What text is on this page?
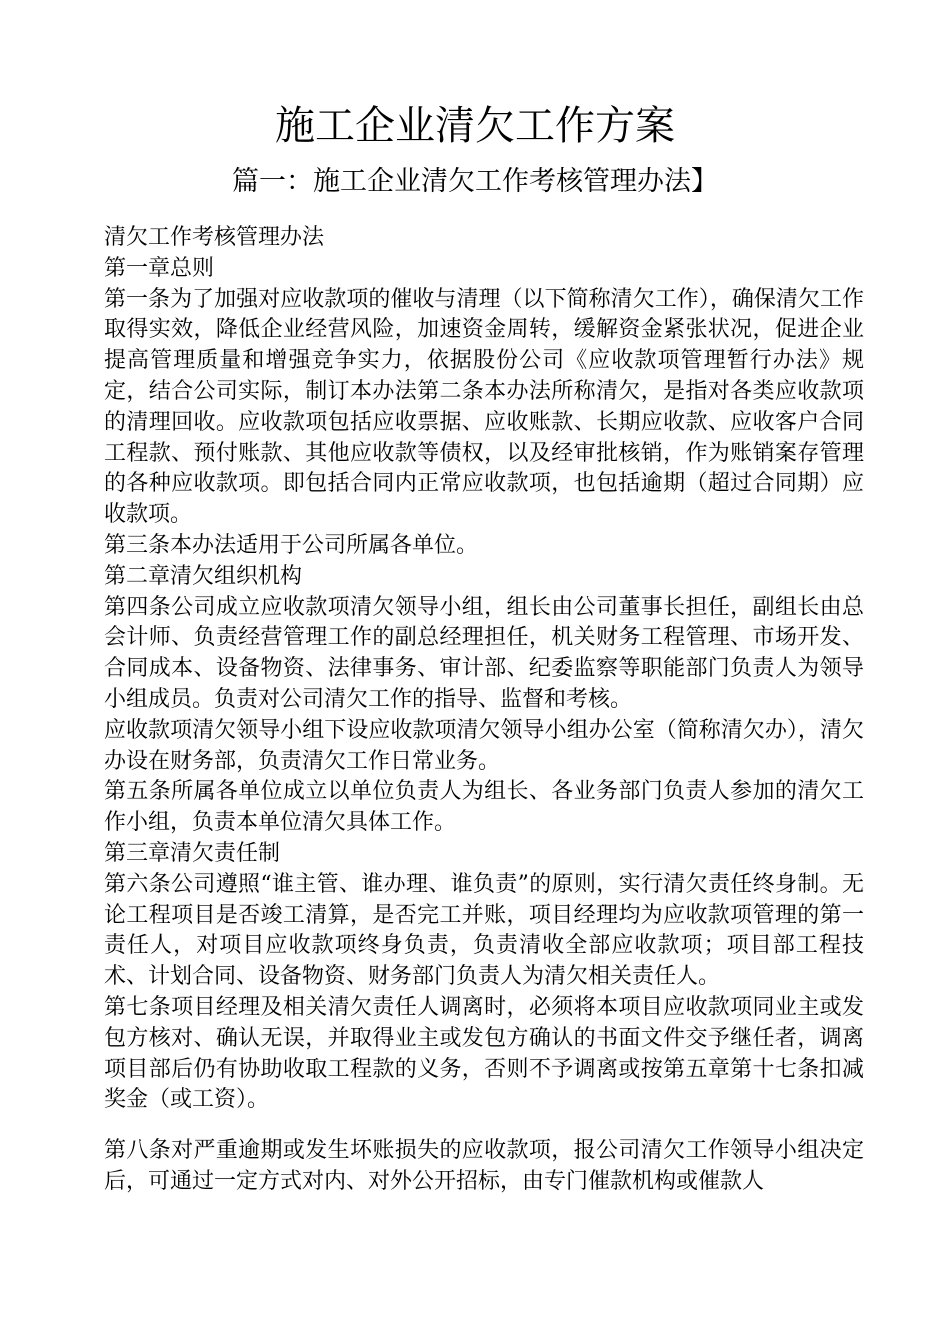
施工企业清欠工作方案
篇一：施工企业清欠工作考核管理办法】

清欠工作考核管理办法

第一章总则

第一条为了加强对应收款项的催收与清理（以下简称清欠工作），确保清欠工作取得实效，降低企业经营风险，加速资金周转，缓解资金紧张状况，促进企业提高管理质量和增强竞争实力，依据股份公司《应收款项管理暂行办法》规定，结合公司实际，制订本办法第二条本办法所称清欠，是指对各类应收款项的清理回收。应收款项包括应收票据、应收账款、长期应收款、应收客户合同工程款、预付账款、其他应收款等债权，以及经审批核销，作为账销案存管理的各种应收款项。即包括合同内正常应收款项，也包括逾期（超过合同期）应收款项。

第三条本办法适用于公司所属各单位。

第二章清欠组织机构

第四条公司成立应收款项清欠领导小组，组长由公司董事长担任，副组长由总会计师、负责经营管理工作的副总经理担任，机关财务工程管理、市场开发、合同成本、设备物资、法律事务、审计部、纪委监察等职能部门负责人为领导小组成员。负责对公司清欠工作的指导、监督和考核。

应收款项清欠领导小组下设应收款项清欠领导小组办公室（简称清欠办），清欠办设在财务部，负责清欠工作日常业务。

第五条所属各单位成立以单位负责人为组长、各业务部门负责人参加的清欠工作小组，负责本单位清欠具体工作。

第三章清欠责任制

第六条公司遵照“谁主管、谁办理、谁负责”的原则，实行清欠责任终身制。无论工程项目是否竣工清算，是否完工并账，项目经理均为应收款项管理的第一责任人，对项目应收款项终身负责，负责清收全部应收款项；项目部工程技术、计划合同、设备物资、财务部门负责人为清欠相关责任人。

第七条项目经理及相关清欠责任人调离时，必须将本项目应收款项同业主或发包方核对、确认无误，并取得业主或发包方确认的书面文件交予继任者，调离项目部后仍有协助收取工程款的义务，否则不予调离或按第五章第十七条扣减奖金（或工资）。

第八条对严重逾期或发生坏账损失的应收款项，报公司清欠工作领导小组决定后，可通过一定方式对内、对外公开招标，由专门催款机构或催款人
